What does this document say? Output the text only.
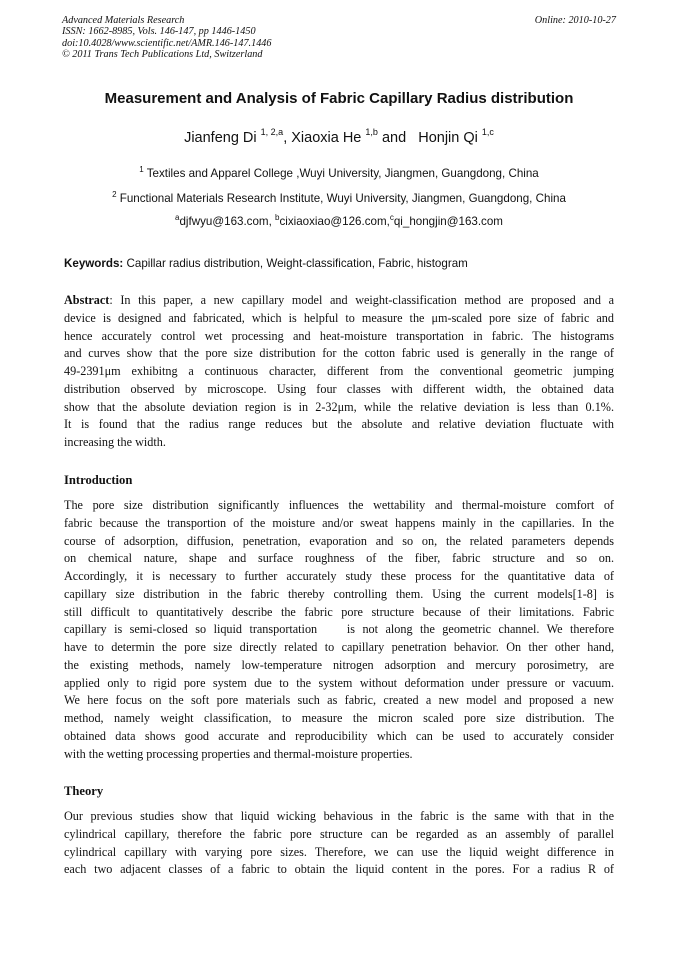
Advanced Materials Research
ISSN: 1662-8985, Vols. 146-147, pp 1446-1450
doi:10.4028/www.scientific.net/AMR.146-147.1446
© 2011 Trans Tech Publications Ltd, Switzerland
Online: 2010-10-27
Measurement and Analysis of Fabric Capillary Radius distribution
Jianfeng Di $^{1, 2,a}$, Xiaoxia He $^{1,b}$ and   Honjin Qi $^{1,c}$
$^1$ Textiles and Apparel College ,Wuyi University, Jiangmen, Guangdong, China
$^2$ Functional Materials Research Institute, Wuyi University, Jiangmen, Guangdong, China
$^a$djfwyu@163.com, $^b$cixiaoxiao@126.com,$^c$qi_hongjin@163.com
Keywords: Capillar radius distribution, Weight-classification, Fabric, histogram
Abstract: In this paper, a new capillary model and weight-classification method are proposed and a
device is designed and fabricated, which is helpful to measure the μm-scaled pore size of fabric and
hence accurately control wet processing and heat-moisture transportation in fabric. The histograms
and curves show that the pore size distribution for the cotton fabric used is generally in the range of
49-2391μm exhibitng a continuous character, different from the conventional geometric jumping
distribution observed by microscope. Using four classes with different width, the obtained data
show that the absolute deviation region is in 2-32μm, while the relative deviation is less than 0.1%.
It is found that the radius range reduces but the absolute and relative deviation fluctuate with
increasing the width.
Introduction
The pore size distribution significantly influences the wettability and thermal-moisture comfort of
fabric because the transportion of the moisture and/or sweat happens mainly in the capillaries. In the
course of adsorption, diffusion, penetration, evaporation and so on, the related parameters depends
on chemical nature, shape and surface roughness of the fiber, fabric structure and so on.
Accordingly, it is necessary to further accurately study these process for the quantitative data of
capillary size distribution in the fabric thereby controlling them. Using the current models[1-8] is
still difficult to quantitatively describe the fabric pore structure because of their limitations. Fabric
capillary is semi-closed so liquid transportation    is not along the geometric channel. We therefore
have to determin the pore size directly related to capillary penetration behavior. On ther other hand,
the existing methods, namely low-temperature nitrogen adsorption and mercury porosimetry, are
applied only to rigid pore system due to the system without deformation under pressure or vacuum.
We here focus on the soft pore materials such as fabric, created a new model and proposed a new
method, namely weight classification, to measure the micron scaled pore size distribution. The
obtained data shows good accurate and reproducibility which can be used to accurately consider
with the wetting processing properties and thermal-moisture properties.
Theory
Our previous studies show that liquid wicking behavious in the fabric is the same with that in the
cylindrical capillary, therefore the fabric pore structure can be regarded as an assembly of parallel
cylindrical capillary with varying pore sizes. Therefore, we can use the liquid weight difference in
each two adjacent classes of a fabric to obtain the liquid content in the pores. For a radius R of
